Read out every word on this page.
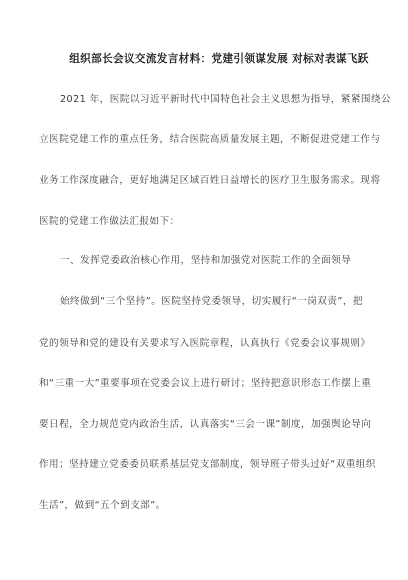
组织部长会议交流发言材料：党建引领谋发展 对标对表谋飞跃
2021 年，医院以习近平新时代中国特色社会主义思想为指导，紧紧围绕公
立医院党建工作的重点任务，结合医院高质量发展主题，不断促进党建工作与
业务工作深度融合，更好地满足区域百姓日益增长的医疗卫生服务需求。现将
医院的党建工作做法汇报如下：
一、发挥党委政治核心作用，坚持和加强党对医院工作的全面领导
始终做到“三个坚持”。医院坚持党委领导，切实履行“一岗双责”，把
党的领导和党的建设有关要求写入医院章程，认真执行《党委会议事规则》
和“三重一大”重要事项在党委会议上进行研讨；坚持把意识形态工作摆上重
要日程，全力规范党内政治生活，认真落实“三会一课”制度，加强舆论导向
作用；坚持建立党委委员联系基层党支部制度，领导班子带头过好“双重组织
生活”，做到“五个到支部”。
